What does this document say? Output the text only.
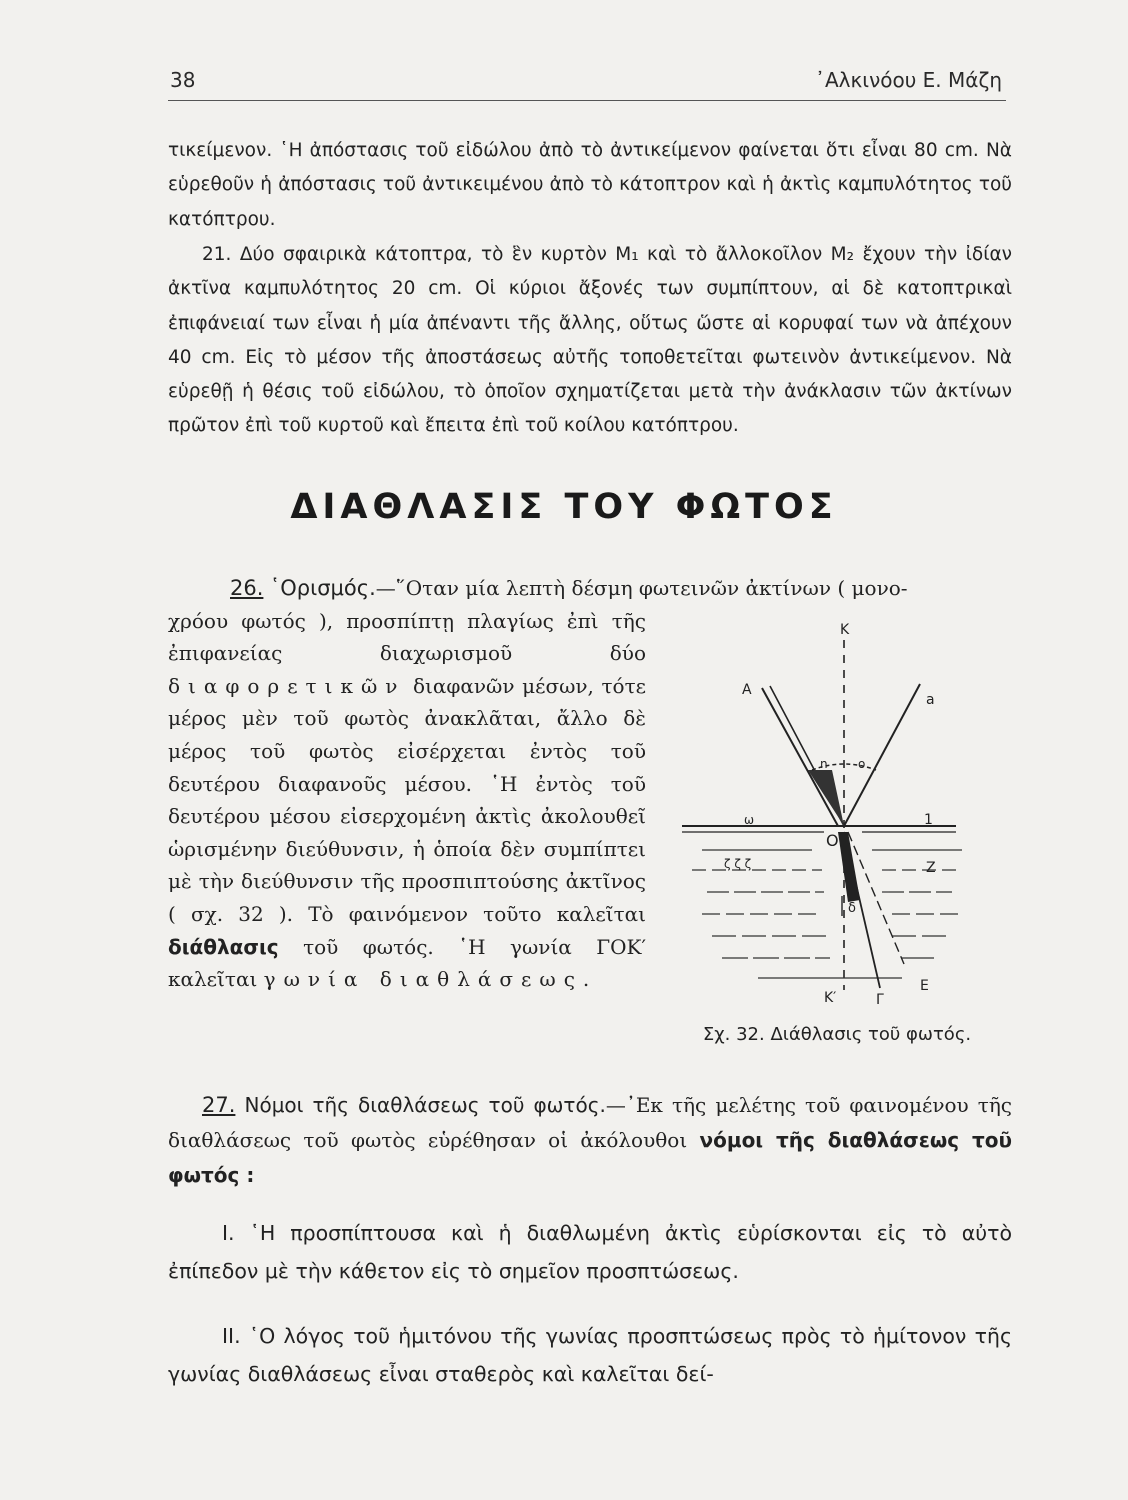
38	᾿Αλκινόου Ε. Μάζη

τικείμενον. ῾Η ἀπόστασις τοῦ εἰδώλου ἀπὸ τὸ ἀντικείμενον φαίνεται ὅτι εἶναι 80 cm. Νὰ εὑρεθοῦν ἡ ἀπόστασις τοῦ ἀντικειμένου ἀπὸ τὸ κάτοπτρον καὶ ἡ ἀκτὶς καμπυλότητος τοῦ κατόπτρου.

21. Δύο σφαιρικὰ κάτοπτρα, τὸ ἓν κυρτὸν M₁ καὶ τὸ ἄλλοκοῖλον M₂ ἔχουν τὴν ἰδίαν ἀκτῖνα καμπυλότητος 20 cm. Οἱ κύριοι ἄξονές των συμπίπτουν, αἱ δὲ κατοπτρικαὶ ἐπιφάνειαί των εἶναι ἡ μία ἀπέναντι τῆς ἄλλης, οὕτως ὥστε αἱ κορυφαί των νὰ ἀπέχουν 40 cm. Εἰς τὸ μέσον τῆς ἀποστάσεως αὐτῆς τοποθετεῖται φωτεινὸν ἀντικείμενον. Νὰ εὑρεθῇ ἡ θέσις τοῦ εἰδώλου, τὸ ὁποῖον σχηματίζεται μετὰ τὴν ἀνάκλασιν τῶν ἀκτίνων πρῶτον ἐπὶ τοῦ κυρτοῦ καὶ ἔπειτα ἐπὶ τοῦ κοίλου κατόπτρου.

ΔΙΑΘΛΑΣΙΣ ΤΟΥ ΦΩΤΟΣ
26. ῾Ορισμός.—῞Οταν μία λεπτὴ δέσμη φωτεινῶν ἀκτίνων ( μονο-
χρόου φωτός ), προσπίπτῃ πλαγίως ἐπὶ τῆς ἐπιφανείας διαχωρισμοῦ δύο διαφορετικῶν διαφανῶν μέσων, τότε μέρος μὲν τοῦ φωτὸς ἀνακλᾶται, ἄλλο δὲ μέρος τοῦ φωτὸς εἰσέρχεται ἐντὸς τοῦ δευτέρου διαφανοῦς μέσου. ῾Η ἐντὸς τοῦ δευτέρου μέσου εἰσερχομένη ἀκτὶς ἀκολουθεῖ ὡρισμένην διεύθυνσιν, ἡ ὁποία δὲν συμπίπτει μὲ τὴν διεύθυνσιν τῆς προσπιπτούσης ἀκτῖνος ( σχ. 32 ). Τὸ φαινόμενον τοῦτο καλεῖται διάθλασις τοῦ φωτός. ῾Η γωνία ΓΟΚ′ καλεῖται γωνία διαθλάσεως.
K
A
a
n	o
ω
O
1
Ζ
ζ ζ ζ
δ
E
K′	Γ
Σχ. 32. Διάθλασις τοῦ φωτός.
27. Νόμοι τῆς διαθλάσεως τοῦ φωτός.—᾿Εκ τῆς μελέτης τοῦ φαινομένου τῆς διαθλάσεως τοῦ φωτὸς εὑρέθησαν οἱ ἀκόλουθοι νόμοι τῆς διαθλάσεως τοῦ φωτός :

I. ῾Η προσπίπτουσα καὶ ἡ διαθλωμένη ἀκτὶς εὑρίσκονται εἰς τὸ αὐτὸ ἐπίπεδον μὲ τὴν κάθετον εἰς τὸ σημεῖον προσπτώσεως.

II. ῾Ο λόγος τοῦ ἡμιτόνου τῆς γωνίας προσπτώσεως πρὸς τὸ ἡμίτονον τῆς γωνίας διαθλάσεως εἶναι σταθερὸς καὶ καλεῖται δεί-
